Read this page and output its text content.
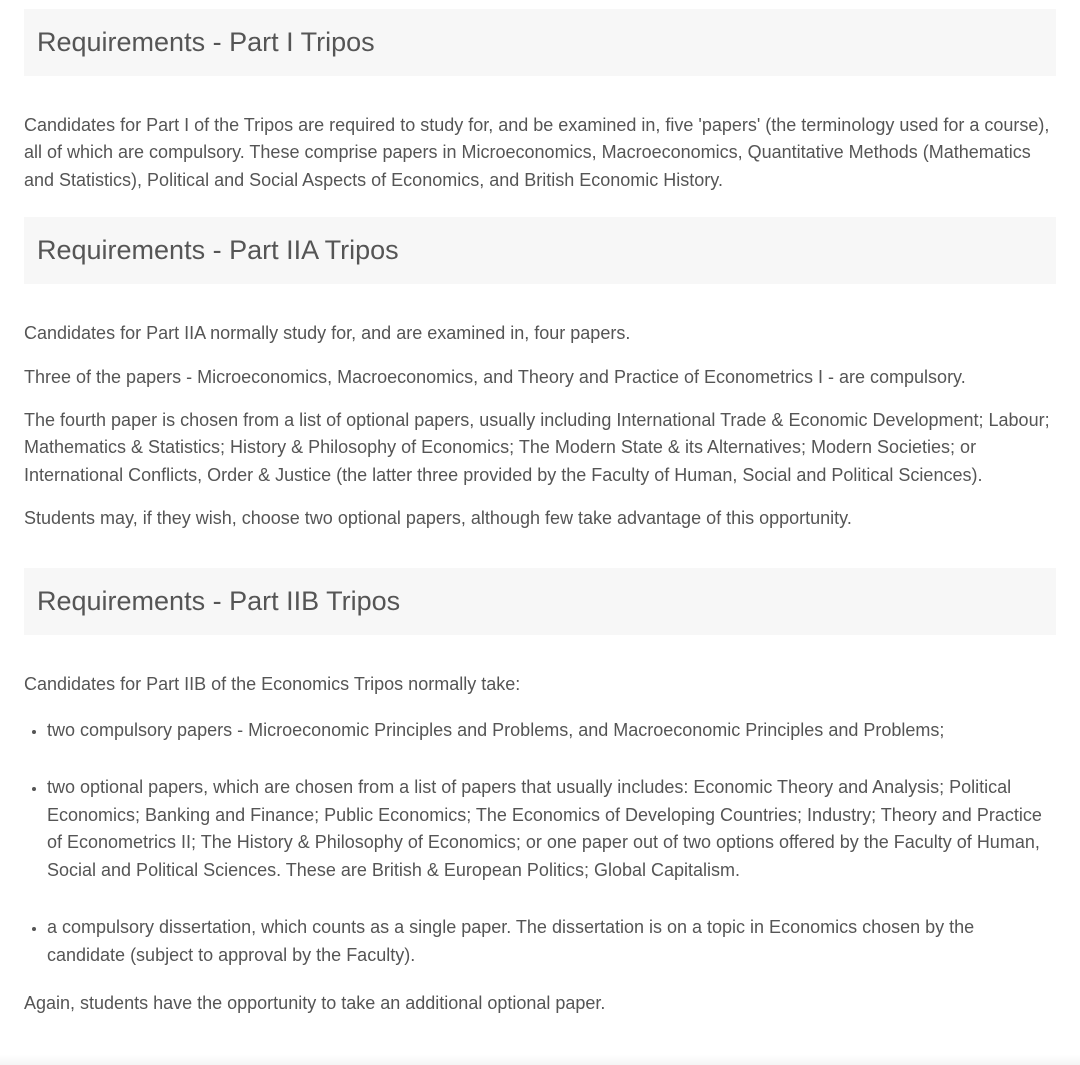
Requirements - Part I Tripos

Candidates for Part I of the Tripos are required to study for, and be examined in, five 'papers' (the terminology used for a course), all of which are compulsory. These comprise papers in Microeconomics, Macroeconomics, Quantitative Methods (Mathematics and Statistics), Political and Social Aspects of Economics, and British Economic History.

Requirements - Part IIA Tripos

Candidates for Part IIA normally study for, and are examined in, four papers.

Three of the papers - Microeconomics, Macroeconomics, and Theory and Practice of Econometrics I - are compulsory.

The fourth paper is chosen from a list of optional papers, usually including International Trade & Economic Development; Labour; Mathematics & Statistics; History & Philosophy of Economics; The Modern State & its Alternatives; Modern Societies; or International Conflicts, Order & Justice (the latter three provided by the Faculty of Human, Social and Political Sciences).

Students may, if they wish, choose two optional papers, although few take advantage of this opportunity.

Requirements - Part IIB Tripos

Candidates for Part IIB of the Economics Tripos normally take:

• two compulsory papers - Microeconomic Principles and Problems, and Macroeconomic Principles and Problems;
• two optional papers, which are chosen from a list of papers that usually includes: Economic Theory and Analysis; Political Economics; Banking and Finance; Public Economics; The Economics of Developing Countries; Industry; Theory and Practice of Econometrics II; The History & Philosophy of Economics; or one paper out of two options offered by the Faculty of Human, Social and Political Sciences. These are British & European Politics; Global Capitalism.
• a compulsory dissertation, which counts as a single paper. The dissertation is on a topic in Economics chosen by the candidate (subject to approval by the Faculty).

Again, students have the opportunity to take an additional optional paper.
